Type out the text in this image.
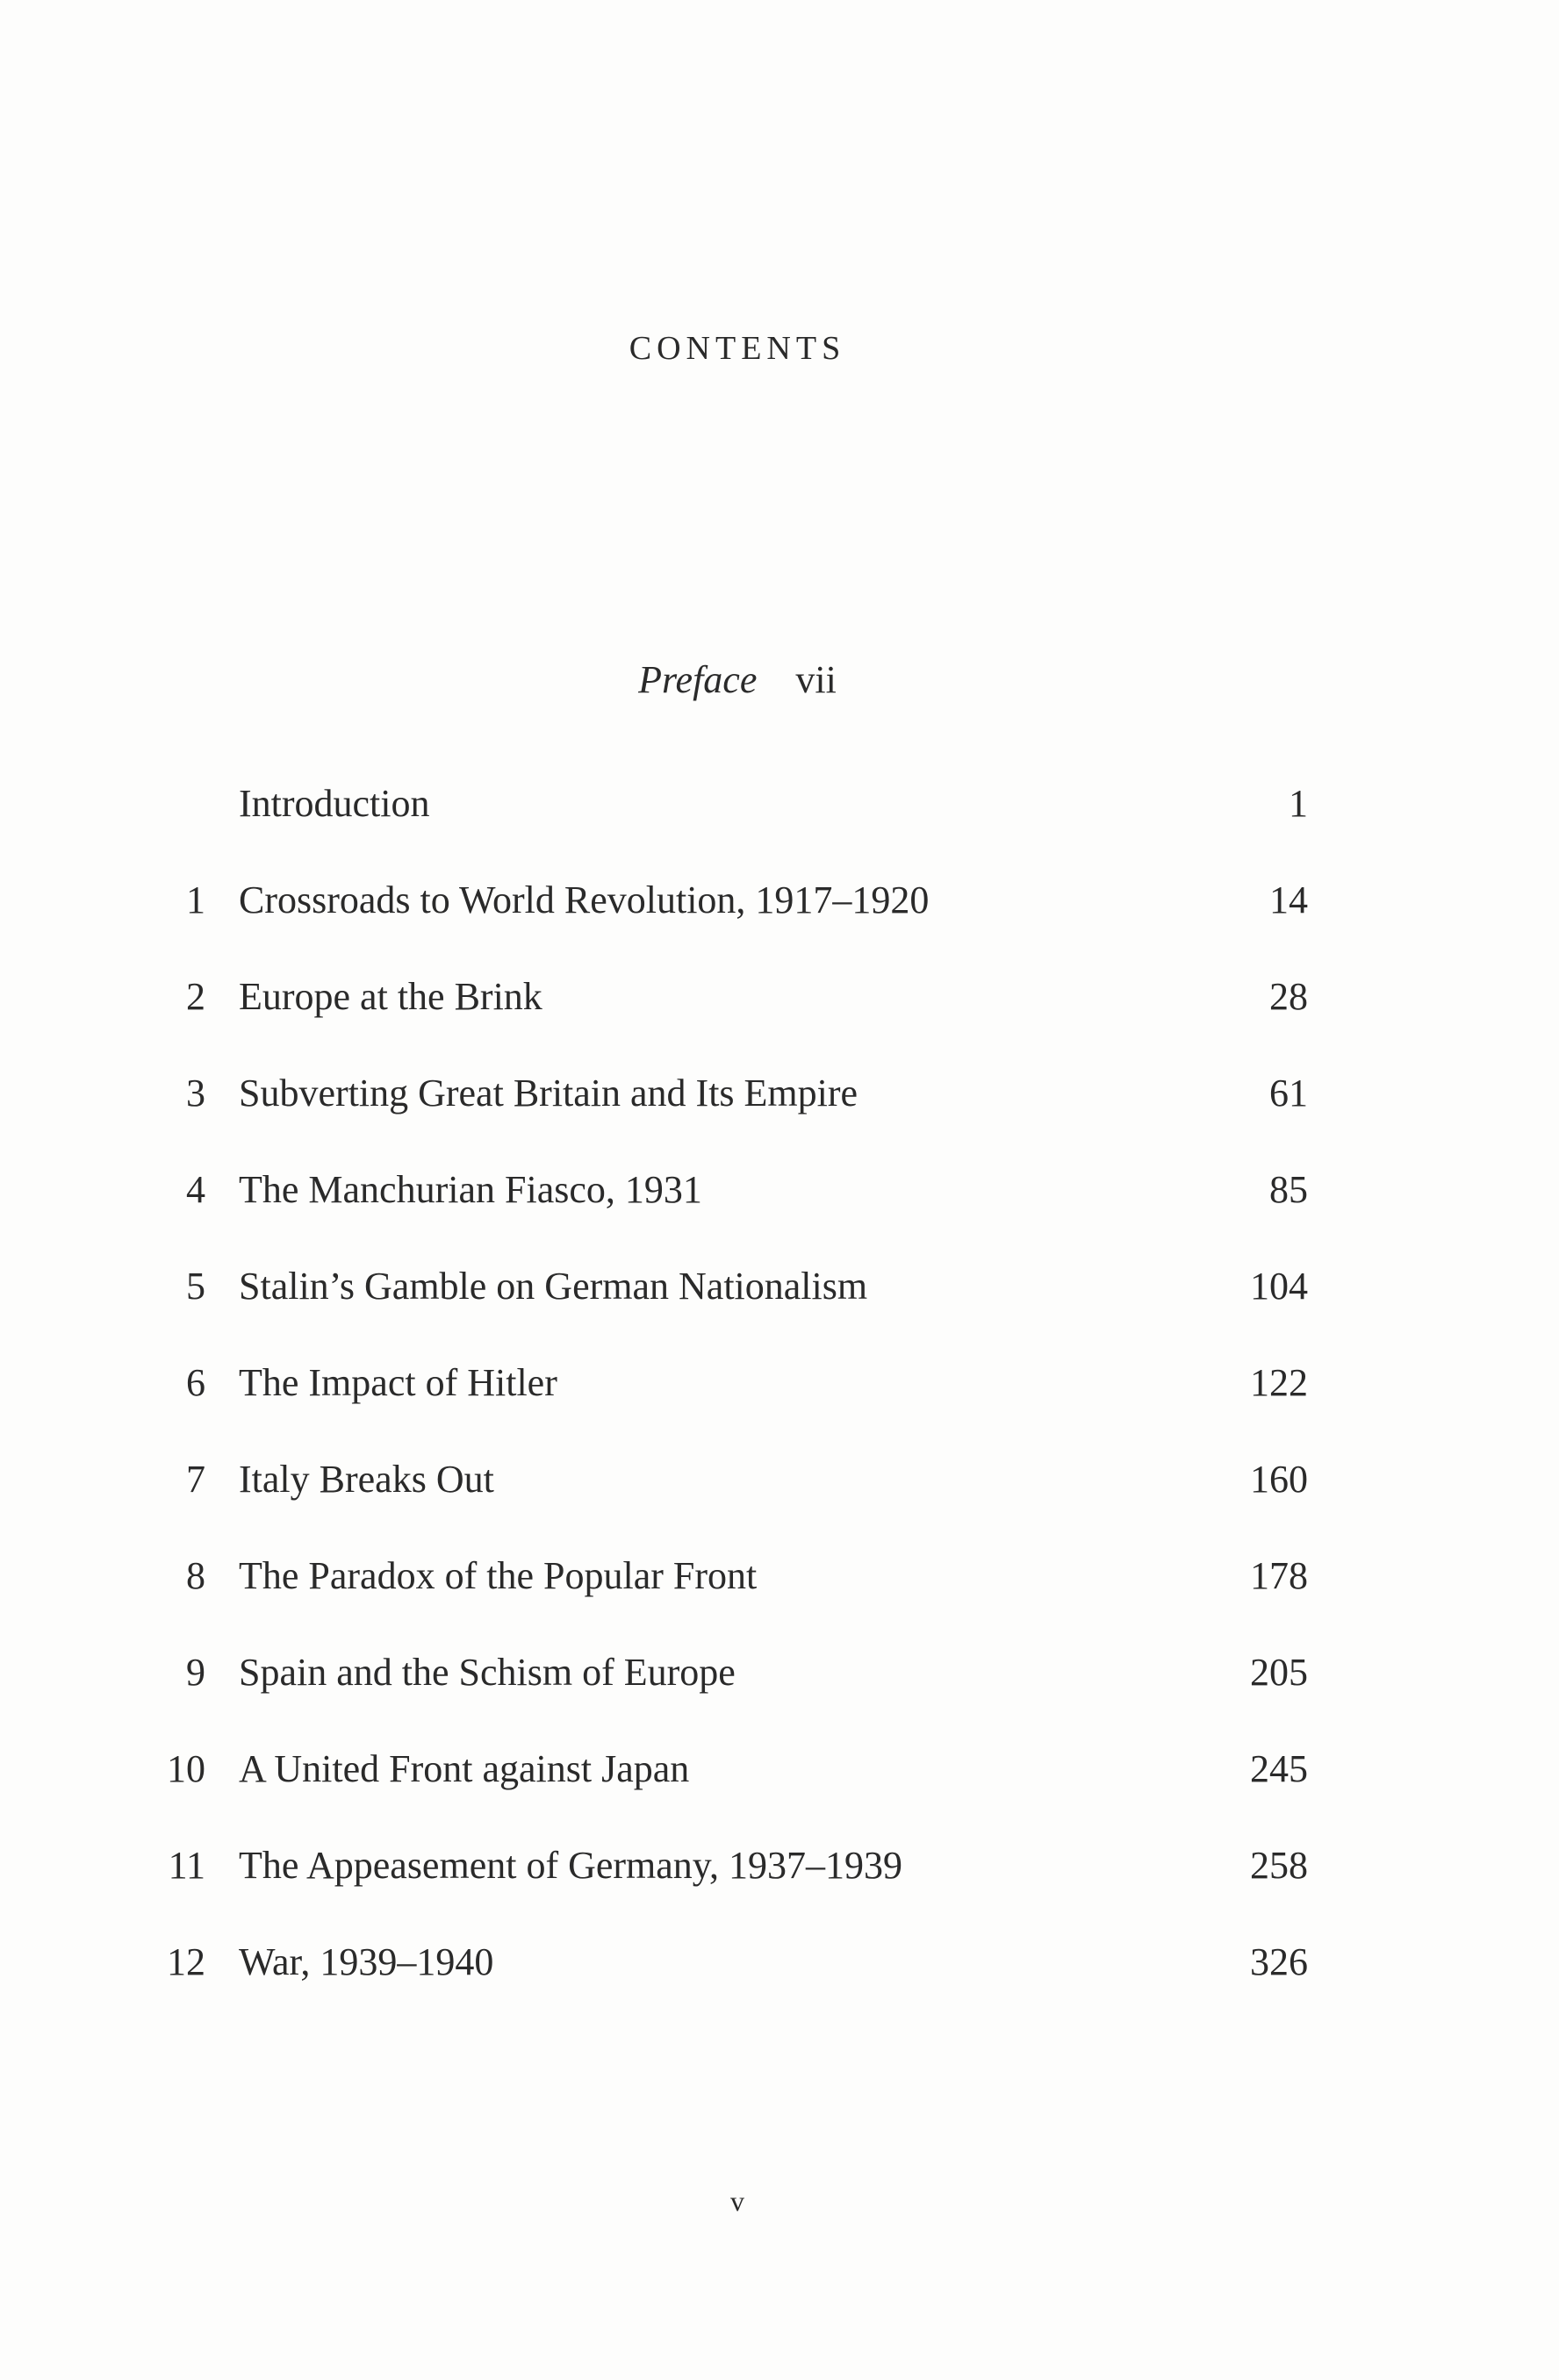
CONTENTS
Preface vii
Introduction	1
1 Crossroads to World Revolution, 1917–1920	14
2 Europe at the Brink	28
3 Subverting Great Britain and Its Empire	61
4 The Manchurian Fiasco, 1931	85
5 Stalin’s Gamble on German Nationalism	104
6 The Impact of Hitler	122
7 Italy Breaks Out	160
8 The Paradox of the Popular Front	178
9 Spain and the Schism of Europe	205
10 A United Front against Japan	245
11 The Appeasement of Germany, 1937–1939	258
12 War, 1939–1940	326
v
